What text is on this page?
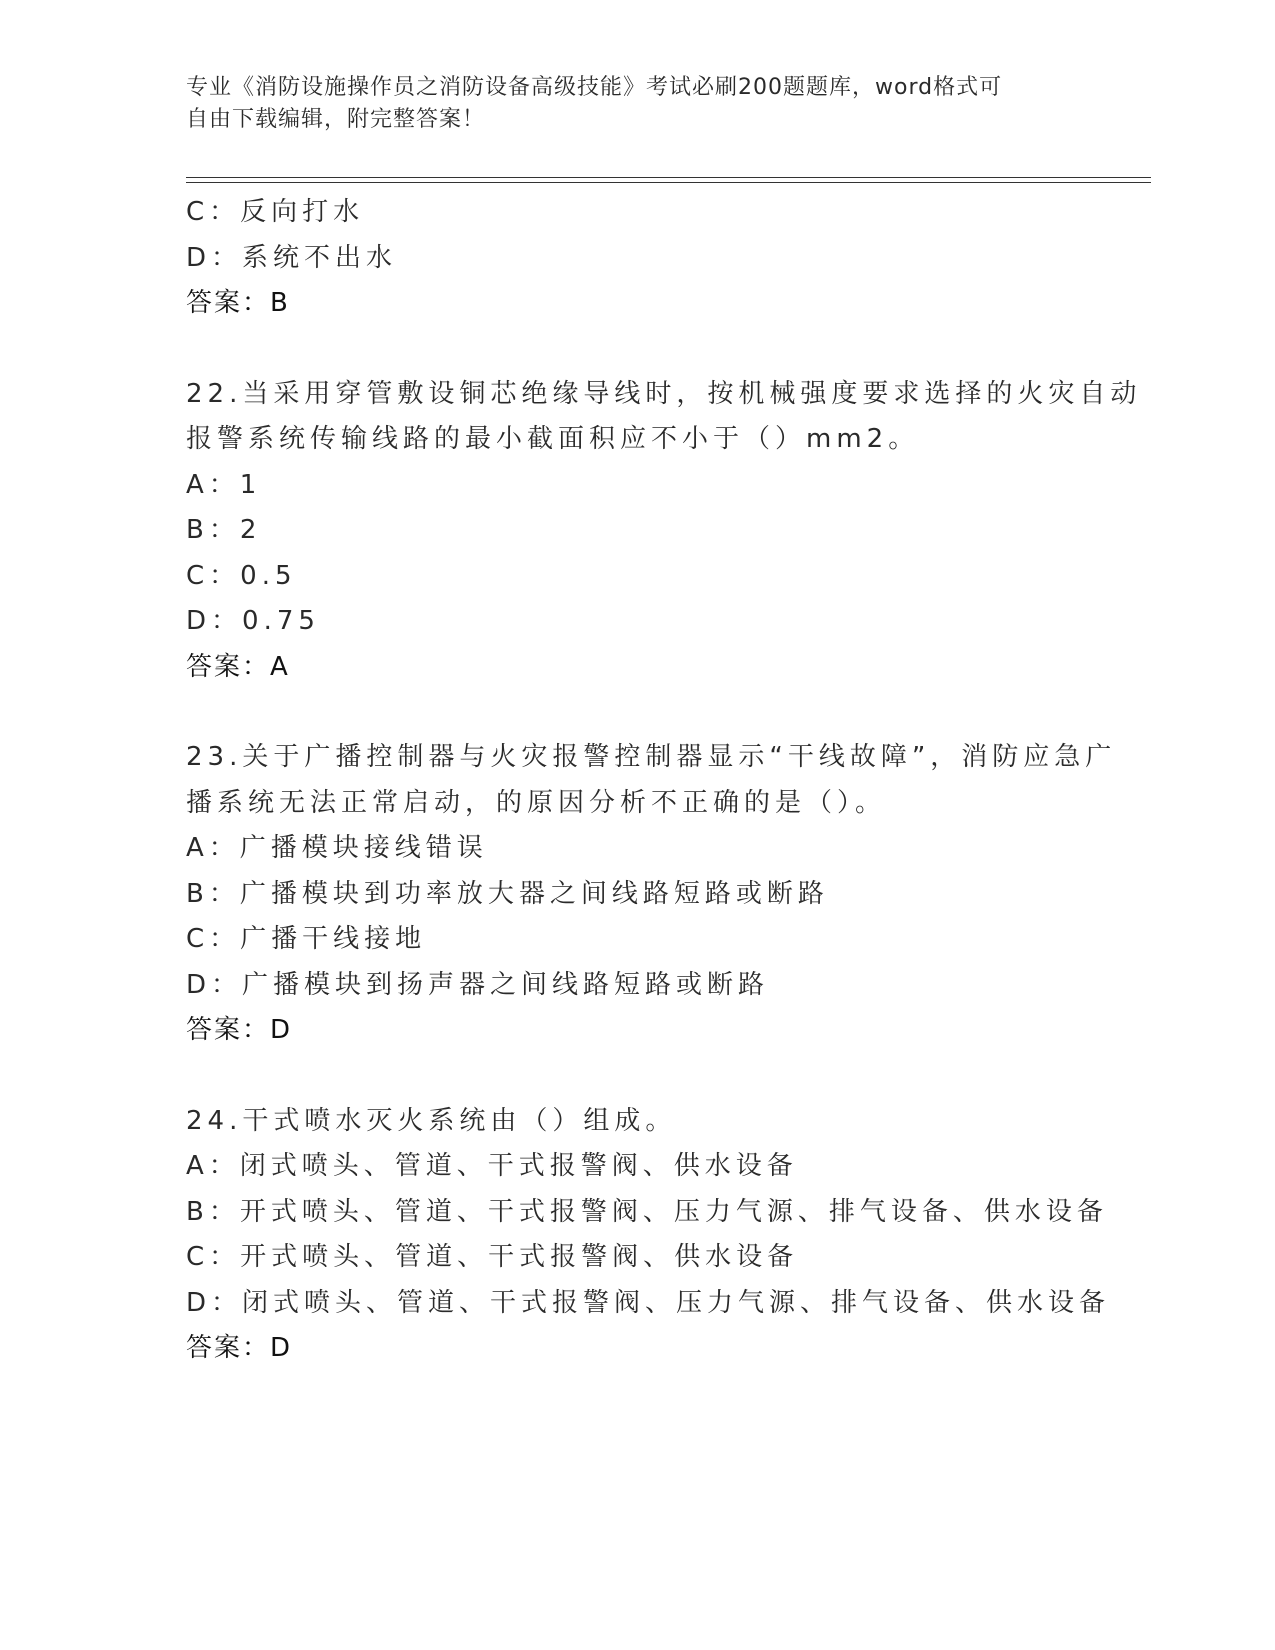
专业《消防设施操作员之消防设备高级技能》考试必刷200题题库，word格式可
自由下载编辑，附完整答案！
C：反向打水
D：系统不出水
答案：B
22.当采用穿管敷设铜芯绝缘导线时，按机械强度要求选择的火灾自动
报警系统传输线路的最小截面积应不小于（）mm2。
A：1
B：2
C：0.5
D：0.75
答案：A
23.关于广播控制器与火灾报警控制器显示“干线故障”，消防应急广
播系统无法正常启动，的原因分析不正确的是（）。
A：广播模块接线错误
B：广播模块到功率放大器之间线路短路或断路
C：广播干线接地
D：广播模块到扬声器之间线路短路或断路
答案：D
24.干式喷水灭火系统由（）组成。
A：闭式喷头、管道、干式报警阀、供水设备
B：开式喷头、管道、干式报警阀、压力气源、排气设备、供水设备
C：开式喷头、管道、干式报警阀、供水设备
D：闭式喷头、管道、干式报警阀、压力气源、排气设备、供水设备
答案：D
